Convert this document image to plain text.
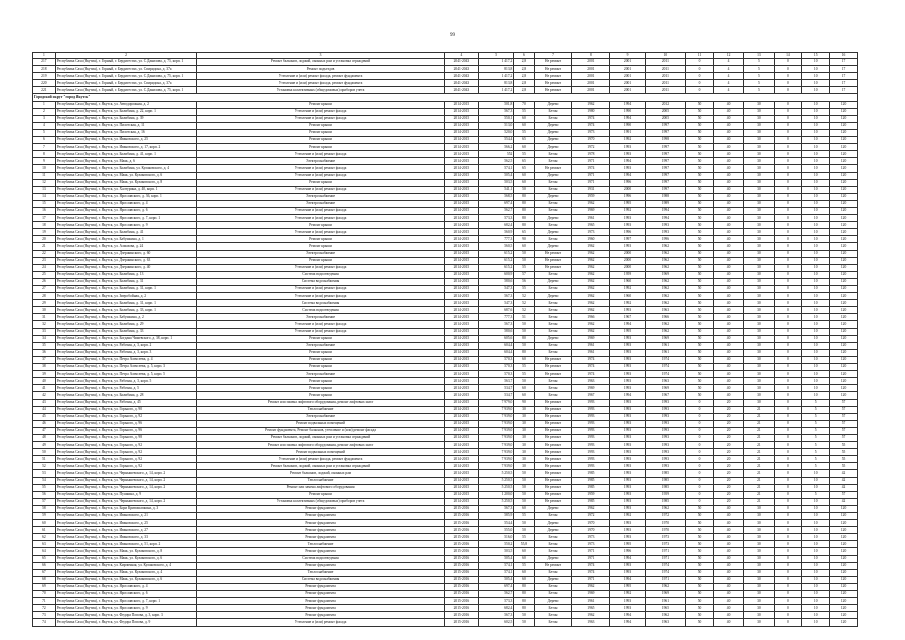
99
1	2	3	4	5	6	7	8	9	10	11	12	13	14	15	16
217	Республика Саха (Якутия), г. Горный, г. Бердигестях, ул. С.Данилова, д. 75, корп. 1	Ремонт балконов, лоджий, оконных рам и установка ограждений	2041-2043	1 417,2	2,8	Не ремонт	2001	2001	2011	0	4	5	0	10	17
218	Республика Саха (Якутия), г. Горный, г. Бердигестях, ул. Спиридона, д. 37а	Ремонт подъездов	2041-2043	813,8	2,8	Не ремонт	2001	2001	2011	0	4	5	0	10	17
219	Республика Саха (Якутия), г. Горный, г. Бердигестях, ул. С.Данилова, д. 75, корп. 1	Утепление и (или) ремонт фасада, ремонт фундамента	2041-2043	1 417,2	2,8	Не ремонт	2001	2001	2011	0	4	5	0	10	17
220	Республика Саха (Якутия), г. Горный, г. Бердигестях, ул. Спиридона, д. 37а	Утепление и (или) ремонт фасада, ремонт фундамента	2041-2043	813,8	2,8	Не ремонт	2001	2001	2011	0	4	5	0	10	17
221	Республика Саха (Якутия), г. Горный, г. Бердигестях, ул. С.Данилова, д. 75, корп. 1	Установка коллективных (общедомовых) приборов учета	2041-2043	1 417,2	2,8	Не ремонт	2001	2001	2011	0	4	5	0	10	17
Городской округ "город Якутск"															
1	Республика Саха (Якутия), г. Якутск, ул. Автодорожная, д. 2	Ремонт крыши	2014-2015	501,8	70	Дерево	1962	1994	2012	50	40	30	0	10	120
2	Республика Саха (Якутия), г. Якутск, ул. Билибина, д. 22, корп. 1	Утепление и (или) ремонт фасада	2014-2015	567,3	55	Бетон	1980	1990	2005	50	40	30	0	10	120
3	Республика Саха (Якутия), г. Якутск, ул. Билибина, д. 39	Утепление и (или) ремонт фасада	2014-2015	550,1	60	Бетон	1974	1994	2005	50	40	30	0	10	120
4	Республика Саха (Якутия), г. Якутск, ул. Пилотская, д. 11	Ремонт крыши	2014-2015	513,0	60	Дерево	1974	1990	1997	50	40	30	0	10	120
5	Республика Саха (Якутия), г. Якутск, ул. Пилотская, д. 16	Ремонт крыши	2014-2015	520,0	55	Дерево	1973	1991	1997	50	40	30	0	10	120
6	Республика Саха (Якутия), г. Якутск, ул. Ивановского, д. 25	Ремонт крыши	2014-2015	554,4	65	Дерево	1970	1992	1998	50	40	30	0	10	120
7	Республика Саха (Якутия), г. Якутск, ул. Ивановского, д. 17, корп. 2	Ремонт крыши	2014-2015	566,2	60	Дерево	1972	1993	1997	50	40	30	0	10	120
8	Республика Саха (Якутия), г. Якутск, ул. Билибина, д. 41, корп. 1	Утепление и (или) ремонт фасада	2014-2015	552	55	Бетон	1978	1993	1997	50	40	30	0	10	120
9	Республика Саха (Якутия), г. Якутск, ул. Маяк, д. 6	Электроснабжение	2014-2015	562,5	65	Бетон	1971	1994	1997	50	40	30	0	10	120
10	Республика Саха (Якутия), г. Якутск, ул. Билибина, ул. Кулаковского, д. 4	Утепление и (или) ремонт фасада	2014-2015	574,1	65	Не ремонт	1974	1993	1997	50	40	30	0	10	120
11	Республика Саха (Якутия), г. Якутск, ул. Маяк, ул. Кулаковского, д. 6	Утепление и (или) ремонт фасада	2014-2015	505,4	60	Дерево	1971	1994	1997	50	40	30	0	10	120
12	Республика Саха (Якутия), г. Якутск, ул. Маяк, ул. Кулаковского, д. 8	Ремонт крыши	2014-2015	503,5	60	Бетон	1971	1996	1997	50	40	30	0	10	120
13	Республика Саха (Якутия), г. Якутск, ул. Халтурина, д. 40, корп. 1	Утепление и (или) ремонт фасада	2014-2015	541,1	50	Бетон	1931	2000	1997	50	40	30	0	10	120
14	Республика Саха (Якутия), г. Якутск, ул. Ярославского, д. 36, корп. 1	Электроснабжение	2014-2015	568,5	80	Дерево	1959	1996	1988	50	40	30	0	10	120
15	Республика Саха (Якутия), г. Якутск, ул. Ярославского, д. 4	Электроснабжение	2014-2015	697,4	80	Бетон	1962	1995	1989	50	40	30	0	10	120
16	Республика Саха (Якутия), г. Якутск, ул. Ярославского, д. 6	Утепление и (или) ремонт фасада	2014-2015	562,7	80	Бетон	1969	1992	1994	50	40	30	0	10	120
17	Республика Саха (Якутия), г. Якутск, ул. Ярославского, д. 7, корп. 1	Утепление и (или) ремонт фасада	2014-2015	573,3	80	Дерево	1961	1993	1994	50	40	30	0	10	120
18	Республика Саха (Якутия), г. Якутск, ул. Ярославского, д. 9	Ремонт крыши	2014-2015	682,4	80	Бетон	1965	1993	1993	50	40	30	0	10	120
19	Республика Саха (Якутия), г. Якутск, ул. Билибина, д. 41	Утепление и (или) ремонт фасада	2014-2015	560,9	65	Дерево	1973	1996	1993	50	40	30	0	10	120
20	Республика Саха (Якутия), г. Якутск, ул. Бабушкина, д. 1	Ремонт крыши	2014-2015	777,3	90	Бетон	1960	1997	1996	50	40	30	0	10	120
21	Республика Саха (Якутия), г. Якутск, ул. Алмазова, д. 24	Ремонт крыши	2014-2015	560,5	60	Дерево	1962	1993	1962	50	40	30	0	10	120
22	Республика Саха (Якутия), г. Якутск, ул. Дзержинского, д. 60	Электроснабжение	2014-2015	615,2	50	Не ремонт	1962	2000	1962	50	40	30	0	10	120
23	Республика Саха (Якутия), г. Якутск, ул. Дзержинского, д. 63	Ремонт крыши	2014-2015	615,2	50	Не ремонт	1962	2000	1962	50	40	30	0	10	120
24	Республика Саха (Якутия), г. Якутск, ул. Дзержинского, д. 40	Утепление и (или) ремонт фасада	2014-2015	615,2	55	Не ремонт	1962	2000	1962	50	40	30	0	10	120
25	Республика Саха (Якутия), г. Якутск, ул. Билибина, д. 13	Система водоотведения	2014-2015	600,9	57	Бетон	1962	1959	1969	50	40	30	0	10	120
26	Республика Саха (Якутия), г. Якутск, ул. Билибина, д. 31	Система водоснабжения	2014-2015	580,6	56	Дерево	1962	1960	1962	50	40	30	0	10	120
27	Республика Саха (Якутия), г. Якутск, ул. Билибина, д. 31, корп. 1	Утепление и (или) ремонт фасада	2014-2015	547,3	55	Бетон	1962	1992	1962	50	40	30	0	10	120
28	Республика Саха (Якутия), г. Якутск, ул. Зверобойная, д. 2	Утепление и (или) ремонт фасада	2014-2015	567,3	52	Дерево	1962	1960	1962	50	40	30	0	10	120
29	Республика Саха (Якутия), г. Якутск, ул. Билибина, д. 31, корп. 1	Система водоснабжения	2014-2015	547,3	52	Бетон	1962	1992	1962	50	40	30	0	10	120
30	Республика Саха (Якутия), г. Якутск, ул. Билибина, д. 33, корп. 1	Система водоотведения	2014-2015	687,6	52	Бетон	1962	1993	1963	50	40	30	0	10	120
31	Республика Саха (Якутия), г. Якутск, ул. Бабушкина, д. 2	Электроснабжение	2014-2015	777,3	51	Бетон	1966	1967	1966	50	40	30	0	10	120
32	Республика Саха (Якутия), г. Якутск, ул. Билибина, д. 29	Утепление и (или) ремонт фасада	2014-2015	567,3	50	Бетон	1962	1994	1962	50	40	30	0	10	120
33	Республика Саха (Якутия), г. Якутск, ул. Билибина, д. 33	Утепление и (или) ремонт фасада	2014-2015	580,6	50	Бетон	1962	1995	1962	50	40	30	0	10	120
34	Республика Саха (Якутия), г. Якутск, ул. Богдана Чижевского, д. 38, корп. 1	Ремонт крыши	2014-2015	605,6	80	Дерево	1969	1993	1969	50	40	30	0	10	120
35	Республика Саха (Якутия), г. Якутск, ул. Рабочая, д. 3, корп. 2	Электроснабжение	2014-2015	604,4	50	Бетон	1961	1993	1961	50	40	30	0	10	120
36	Республика Саха (Якутия), г. Якутск, ул. Рабочая, д. 3, корп. 3	Ремонт крыши	2014-2015	604,4	80	Бетон	1961	1993	1961	50	40	30	0	10	120
37	Республика Саха (Якутия), г. Якутск, ул. Петра Алексеева, д. 4	Ремонт крыши	2014-2015	570,3	60	Не ремонт	1974	1993	1974	50	40	30	0	10	120
38	Республика Саха (Якутия), г. Якутск, ул. Петра Алексеева, д. 5, корп. 3	Ремонт крыши	2014-2015	570,3	55	Не ремонт	1974	1993	1974	50	40	30	0	10	120
39	Республика Саха (Якутия), г. Якутск, ул. Петра Алексеева, д. 5, корп. 5	Электроснабжение	2014-2015	570,3	55	Не ремонт	1974	1993	1974	50	40	30	0	10	120
40	Республика Саха (Якутия), г. Якутск, ул. Рабочая, д. 3, корп. 5	Ремонт крыши	2014-2015	563,7	50	Бетон	1963	1993	1963	50	40	30	0	10	120
41	Республика Саха (Якутия), г. Якутск, ул. Рабочая, д. 5	Ремонт крыши	2014-2015	534,7	60	Бетон	1969	1993	1969	50	40	30	0	10	120
42	Республика Саха (Якутия), г. Якутск, ул. Билибина, д. 28	Ремонт крыши	2014-2015	534,7	60	Бетон	1967	1994	1967	50	40	30	0	10	120
43	Республика Саха (Якутия), г. Якутск, ул. Рабочая, д. 45	Ремонт или замена лифтового оборудования, ремонт лифтовых шахт	2014-2015	7 979,0	90	Не ремонт	1993	1993	1993	0	20	30	0	5	57
44	Республика Саха (Якутия), г. Якутск, ул. Горького, д. 90	Теплоснабжение	2014-2015	7 939,0	30	Не ремонт	1993	1993	1993	0	20	21	0	5	57
45	Республика Саха (Якутия), г. Якутск, ул. Горького, д. 92	Электроснабжение	2014-2015	7 939,0	30	Не ремонт	1993	1993	1993	0	20	21	0	5	57
46	Республика Саха (Якутия), г. Якутск, ул. Горького, д. 96	Ремонт подвальных помещений	2014-2015	7 939,0	30	Не ремонт	1993	1993	1993	0	20	21	0	5	57
47	Республика Саха (Якутия), г. Якутск, ул. Горького, д. 96	Ремонт фундамента, Ремонт балконов, утепление и (или) ремонт фасада	2014-2015	7 939,0	30	Не ремонт	1993	1993	1993	0	20	21	0	5	57
48	Республика Саха (Якутия), г. Якутск, ул. Горького, д. 98	Ремонт балконов, лоджий, оконных рам и установка ограждений	2014-2015	7 939,0	30	Не ремонт	1993	1993	1993	0	20	21	0	5	57
49	Республика Саха (Якутия), г. Якутск, ул. Горького, д. 92	Ремонт или замена лифтового оборудования, ремонт лифтовых шахт	2014-2015	7 939,0	30	Не ремонт	1993	1993	1993	0	20	21	0	5	55
50	Республика Саха (Якутия), г. Якутск, ул. Горького, д. 92	Ремонт подвальных помещений	2014-2015	7 939,0	30	Не ремонт	1993	1993	1993	0	20	21	0	5	55
51	Республика Саха (Якутия), г. Якутск, ул. Горького, д. 92	Утепление и (или) ремонт фасада, ремонт фундамента	2014-2015	7 939,0	30	Не ремонт	1993	1993	1993	0	20	21	0	5	55
52	Республика Саха (Якутия), г. Якутск, ул. Горького, д. 92	Ремонт балконов, лоджий, оконных рам и установка ограждений	2014-2015	7 939,0	30	Не ремонт	1993	1993	1993	0	20	21	0	5	55
53	Республика Саха (Якутия), г. Якутск, ул. Чернышевского, д. 14, корп. 2	Ремонт балконов, лоджий, оконных рам	2014-2015	5 250,5	50	Не ремонт	1985	1993	1985	0	20	21	0	10	42
54	Республика Саха (Якутия), г. Якутск, ул. Чернышевского, д. 14, корп. 2	Теплоснабжение	2014-2015	5 250,5	50	Не ремонт	1985	1993	1985	0	20	21	0	10	42
55	Республика Саха (Якутия), г. Якутск, ул. Чернышевского, д. 14, корп. 2	Ремонт или замена лифтового оборудования	2014-2015	5 250,5	50	Не ремонт	1985	1993	1985	0	20	21	0	10	42
56	Республика Саха (Якутия), г. Якутск, ул. Пушкина, д. 9	Ремонт крыши	2014-2015	1 200,0	50	Не ремонт	1959	1993	1959	0	20	21	0	5	57
57	Республика Саха (Якутия), г. Якутск, ул. Чернышевского, д. 14, корп. 2	Установка коллективных (общедомовых) приборов учета	2014-2015	5 250,5	50	Не ремонт	1985	1993	1985	0	20	21	0	10	42
58	Республика Саха (Якутия), г. Якутск, ул. Бори Кривошапкина, д. 3	Ремонт фундамента	2015-2016	567,3	60	Дерево	1962	1993	1962	50	40	30	0	10	120
59	Республика Саха (Якутия), г. Якутск, ул. Ивановского, д. 21	Ремонт фундамента	2015-2016	585,9	55	Бетон	1972	1992	1972	50	40	30	0	10	120
60	Республика Саха (Якутия), г. Якутск, ул. Ивановского, д. 25	Ремонт фундамента	2015-2016	554,4	50	Дерево	1970	1993	1970	50	40	30	0	10	120
61	Республика Саха (Якутия), г. Якутск, ул. Ивановского, д. 27	Ремонт фундамента	2015-2016	555,0	50	Дерево	1970	1993	1970	50	40	30	0	10	120
62	Республика Саха (Якутия), г. Якутск, ул. Ивановского, д. 33	Ремонт фундамента	2015-2016	516,0	55	Бетон	1973	1993	1973	50	40	30	0	10	120
63	Республика Саха (Якутия), г. Якутск, ул. Ивановского, д. 51, корп. 2	Теплоснабжение	2015-2016	550,2	55,8	Бетон	1973	1995	1973	50	40	30	0	10	120
64	Республика Саха (Якутия), г. Якутск, ул. Маяк, ул. Кулаковского, д. 8	Ремонт фундамента	2015-2016	503,5	60	Бетон	1971	1996	1971	50	40	30	0	10	120
65	Республика Саха (Якутия), г. Якутск, ул. Маяк, ул. Кулаковского, д. 6	Система водоотведения	2015-2016	505,4	60	Дерево	1971	1994	1971	50	40	30	0	10	120
66	Республика Саха (Якутия), г. Якутск, ул. Кирпичная, ул. Кулаковского, д. 4	Ремонт фундамента	2015-2016	574,1	55	Не ремонт	1974	1993	1974	50	40	30	0	10	120
67	Республика Саха (Якутия), г. Якутск, ул. Маяк, ул. Кулаковского, д. 4	Теплоснабжение	2015-2016	574,1	60	Бетон	1974	1993	1974	50	40	30	0	10	120
68	Республика Саха (Якутия), г. Якутск, ул. Маяк, ул. Кулаковского, д. 6	Система водоснабжения	2015-2016	505,4	60	Дерево	1971	1994	1971	50	40	30	0	10	120
69	Республика Саха (Якутия), г. Якутск, ул. Ярославского, д. 4	Ремонт фундамента	2015-2016	697,4	80	Бетон	1962	1995	1962	50	40	30	0	10	120
70	Республика Саха (Якутия), г. Якутск, ул. Ярославского, д. 6	Ремонт фундамента	2015-2016	562,7	80	Бетон	1969	1992	1969	50	40	30	0	10	120
71	Республика Саха (Якутия), г. Якутск, ул. Ярославского, д. 7, корп. 1	Ремонт фундамента	2015-2016	573,3	80	Дерево	1961	1993	1961	50	40	30	0	10	120
72	Республика Саха (Якутия), г. Якутск, ул. Ярославского, д. 9	Ремонт фундамента	2015-2016	682,4	80	Бетон	1965	1993	1965	50	40	30	0	10	120
73	Республика Саха (Якутия), г. Якутск, ул. Федора Попова, д. 3, корп. 3	Ремонт фундамента	2015-2016	567,3	50	Бетон	1962	1994	1962	50	40	30	0	10	120
74	Республика Саха (Якутия), г. Якутск, ул. Федора Попова, д. 9	Утепление и (или) ремонт фасада	2015-2016	602,5	50	Бетон	1963	1994	1963	50	40	30	0	10	120
